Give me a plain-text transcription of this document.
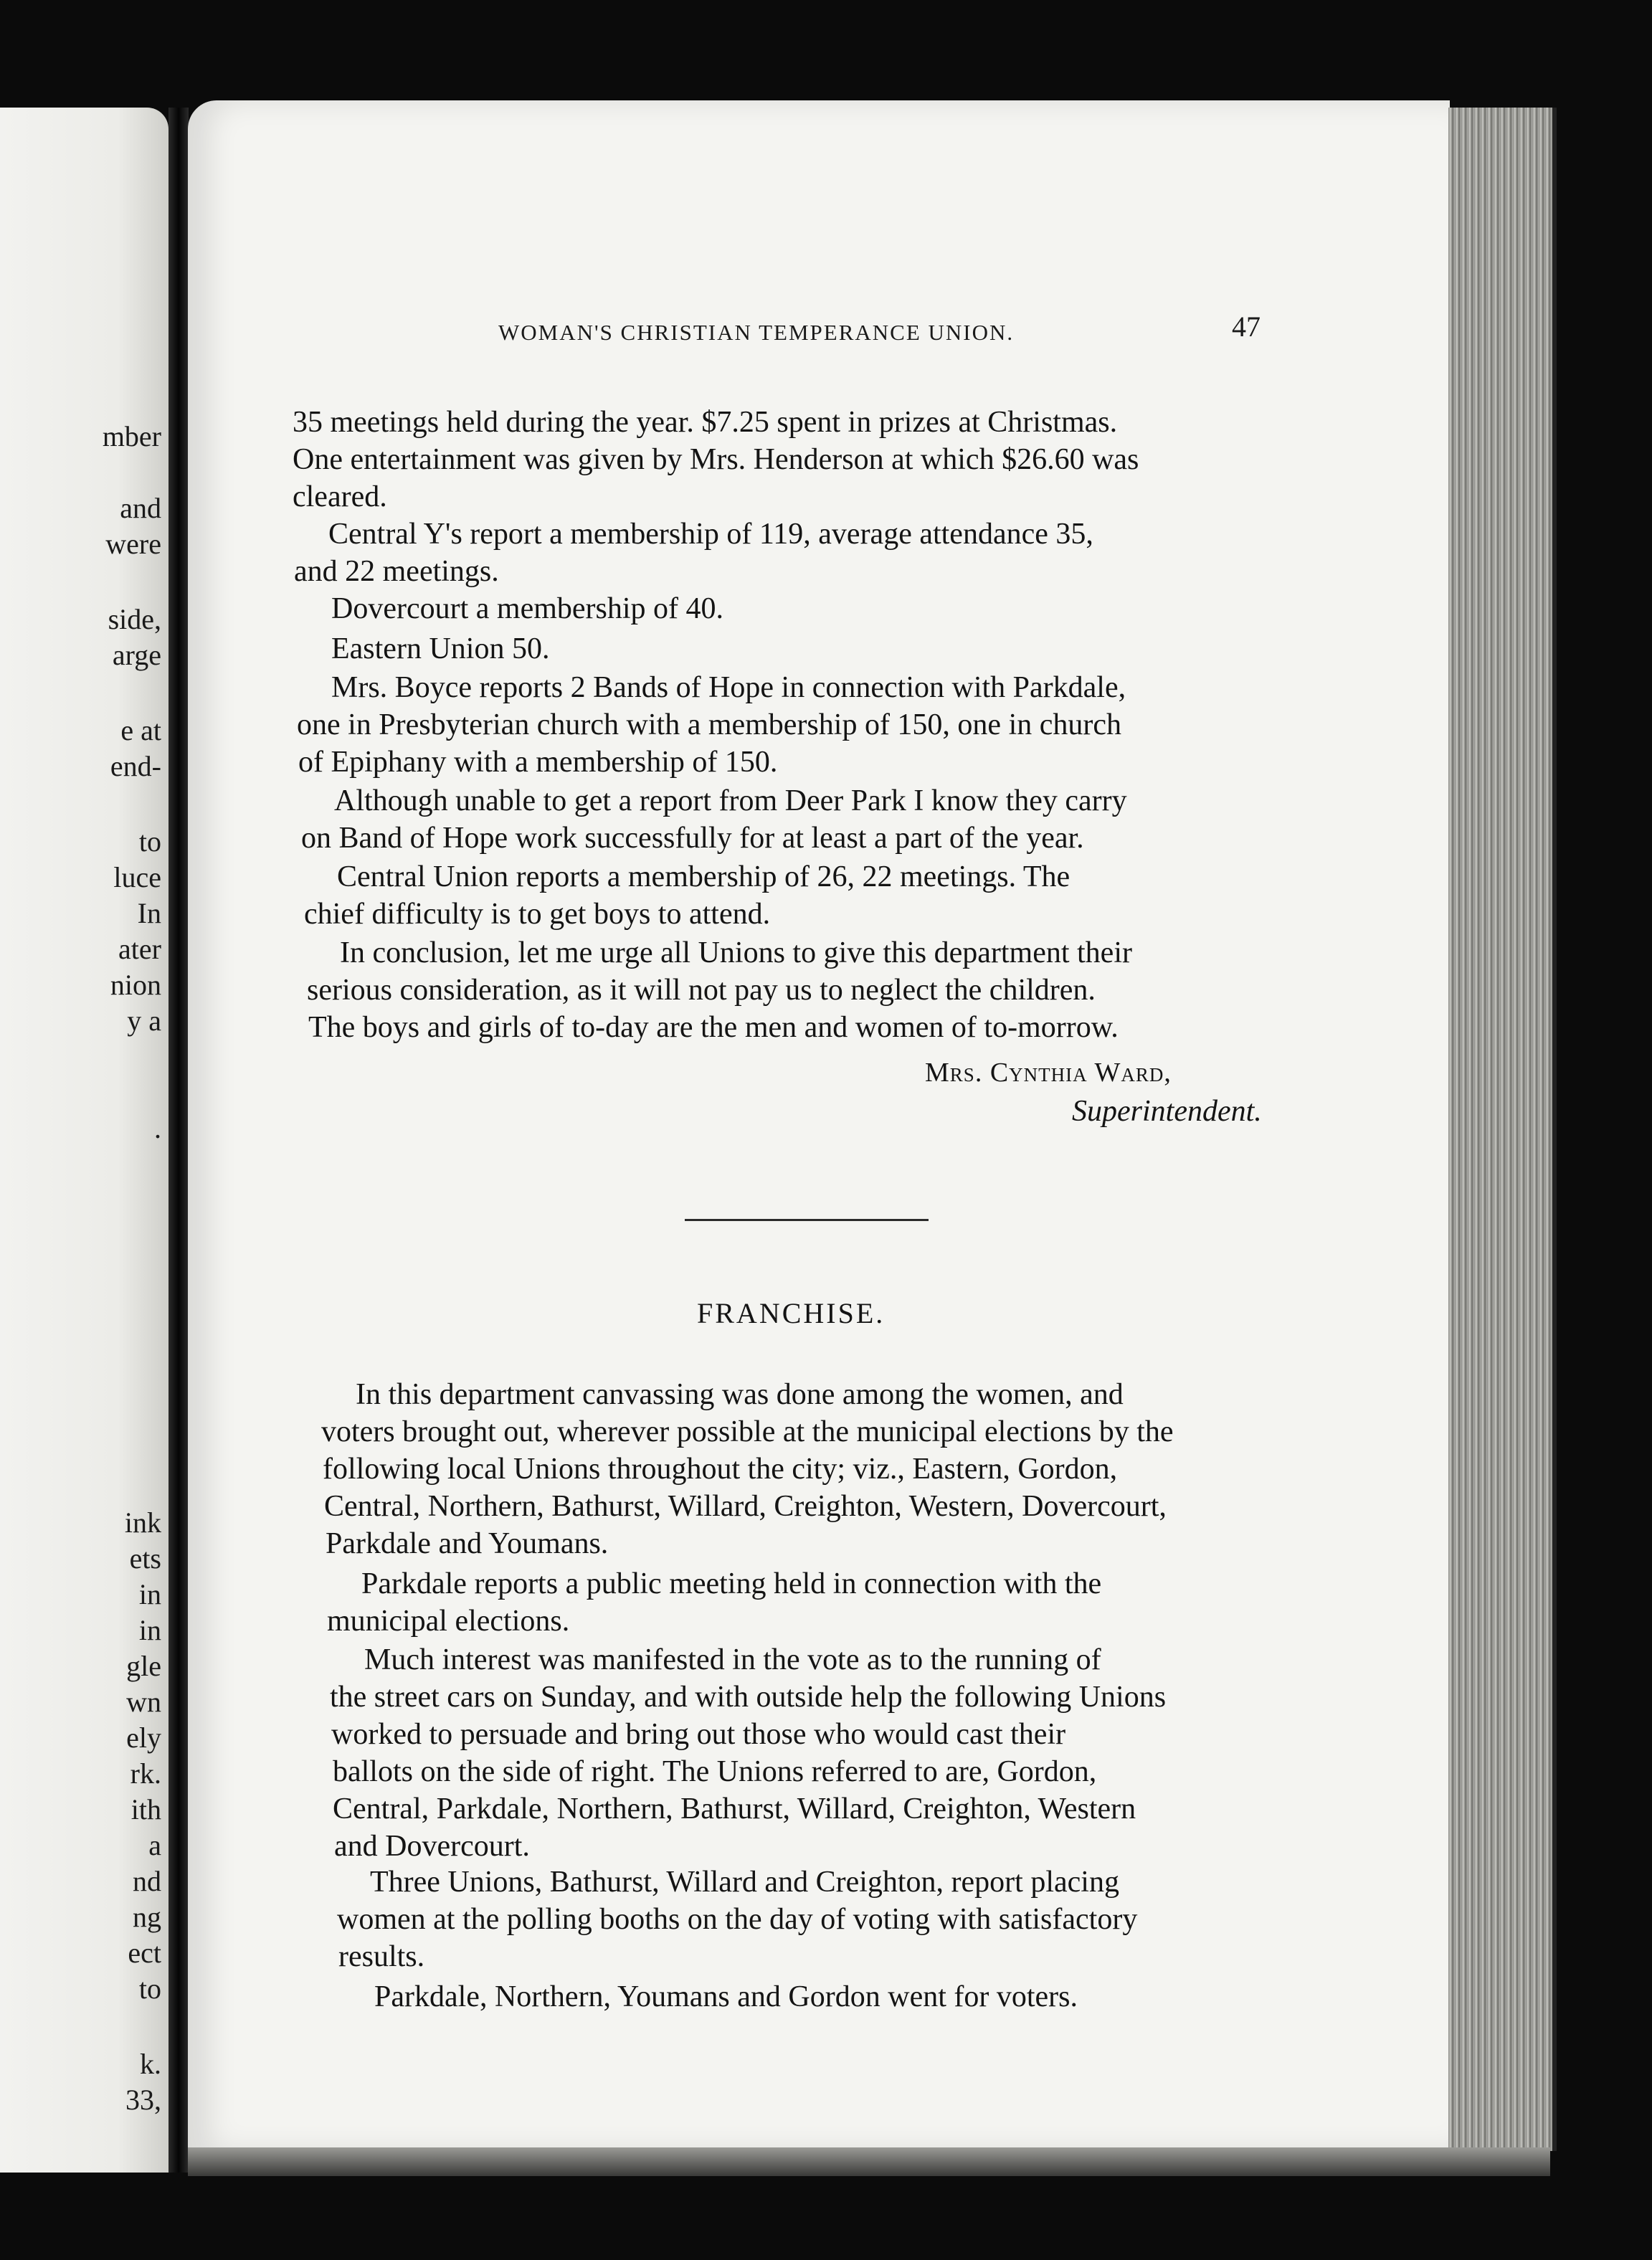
mber

and

were

side,

arge

e at

end-

to

luce

In

ater

nion

y a

.

ink

ets

in

in

gle

wn

ely

rk.

ith

a

nd

ng

ect

to

k.

33,

WOMAN'S CHRISTIAN TEMPERANCE UNION.	47

35 meetings held during the year. $7.25 spent in prizes at Christmas.

One entertainment was given by Mrs. Henderson at which $26.60 was

cleared.

Central Y's report a membership of 119, average attendance 35,

and 22 meetings.

Dovercourt a membership of 40.

Eastern Union 50.

Mrs. Boyce reports 2 Bands of Hope in connection with Parkdale,

one in Presbyterian church with a membership of 150, one in church

of Epiphany with a membership of 150.

Although unable to get a report from Deer Park I know they carry

on Band of Hope work successfully for at least a part of the year.

Central Union reports a membership of 26, 22 meetings. The

chief difficulty is to get boys to attend.

In conclusion, let me urge all Unions to give this department their

serious consideration, as it will not pay us to neglect the children.

The boys and girls of to-day are the men and women of to-morrow.

Mrs. Cynthia Ward,

Superintendent.

FRANCHISE.

In this department canvassing was done among the women, and

voters brought out, wherever possible at the municipal elections by the

following local Unions throughout the city; viz., Eastern, Gordon,

Central, Northern, Bathurst, Willard, Creighton, Western, Dovercourt,

Parkdale and Youmans.

Parkdale reports a public meeting held in connection with the

municipal elections.

Much interest was manifested in the vote as to the running of

the street cars on Sunday, and with outside help the following Unions

worked to persuade and bring out those who would cast their

ballots on the side of right. The Unions referred to are, Gordon,

Central, Parkdale, Northern, Bathurst, Willard, Creighton, Western

and Dovercourt.

Three Unions, Bathurst, Willard and Creighton, report placing

women at the polling booths on the day of voting with satisfactory

results.

Parkdale, Northern, Youmans and Gordon went for voters.
